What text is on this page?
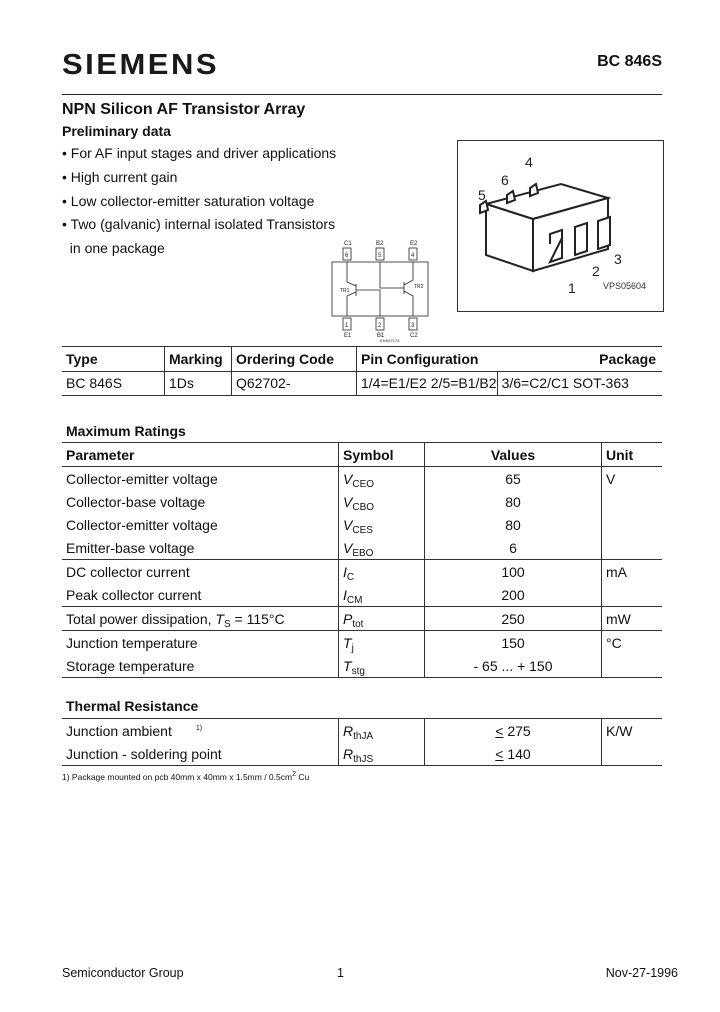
SIEMENS	BC 846S
NPN Silicon AF Transistor Array
Preliminary data
• For AF input stages and driver applications
• High current gain
• Low collector-emitter saturation voltage
• Two (galvanic) internal isolated Transistors
in one package
1
2
3
4
5
6
VPS05604
C1	B2	E2
6	5	4
1	2	3
E1	B1	C2
TR1
TR2
EHA07173
Type	Marking	Ordering Code	Pin Configuration			Package
BC 846S	1Ds	Q62702-	1/4=E1/E2	2/5=B1/B2	3/6=C2/C1	SOT-363
Maximum Ratings
Parameter	Symbol	Values	Unit
Collector-emitter voltage	$V_{CEO}$	65	V
Collector-base voltage	$V_{CBO}$	80	
Collector-emitter voltage	$V_{CES}$	80	
Emitter-base voltage	$V_{EBO}$	6	
DC collector current	$I_C$	100	mA
Peak collector current	$I_{CM}$	200	
Total power dissipation, $T_S = 115^\circ C$	$P_{tot}$	250	mW
Junction temperature	$T_j$	150	°C
Storage temperature	$T_{stg}$	- 65 ... + 150	
Thermal Resistance
Junction ambient $^{1)}$	$R_{thJA}$	≤ 275	K/W
Junction - soldering point	$R_{thJS}$	≤ 140	
1) Package mounted on pcb 40mm x 40mm x $1.5mm / 0.5cm^2$ Cu
Semiconductor Group	1	Nov-27-1996
